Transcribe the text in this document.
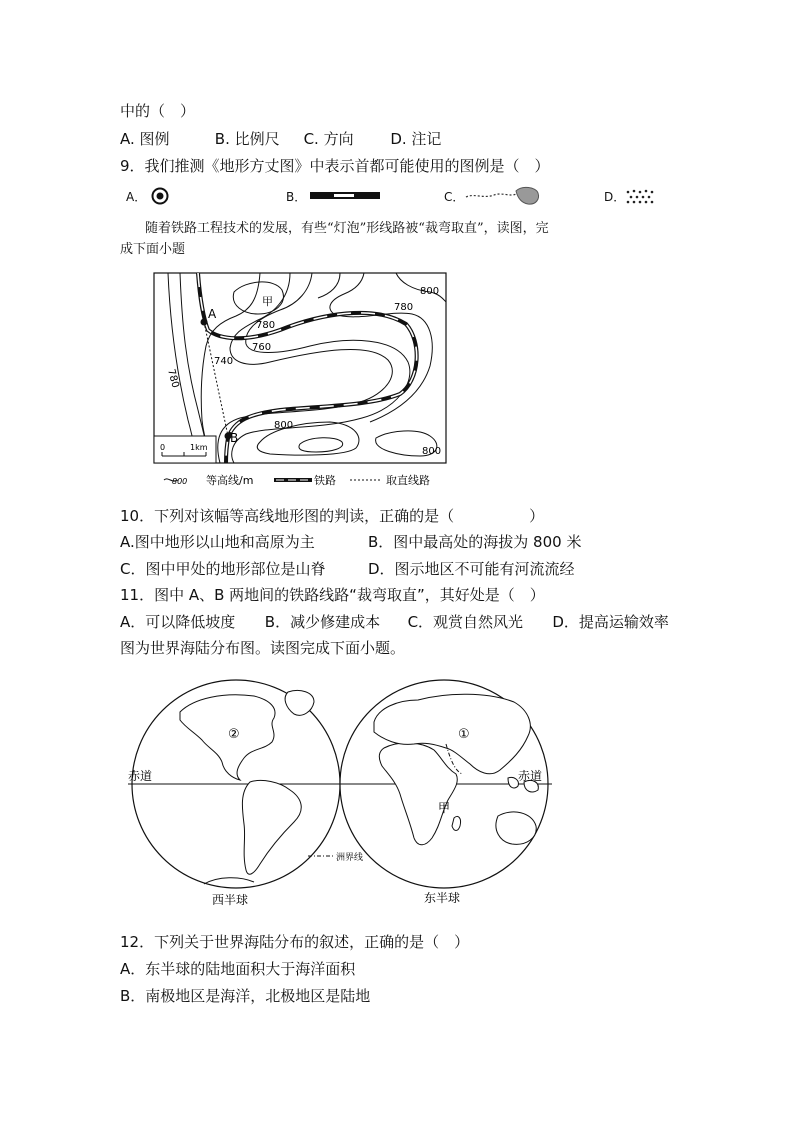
中的（　）
A. 图例	B. 比例尺 C. 方向 D. 注记
9．我们推测《地形方丈图》中表示首都可能使用的图例是（　）
A．	B．	C．	D．
随着铁路工程技术的发展，有些“灯泡”形线路被“裁弯取直”，读图，完
成下面小题
甲
A
B
800
780
780
760
740
780
800
800
0	1km
800 等高线/m	铁路	取直线路
10．下列对该幅等高线地形图的判读，正确的是（　　　　　）
A.图中地形以山地和高原为主	B．图中最高处的海拔为 800 米
C．图中甲处的地形部位是山脊	D．图示地区不可能有河流流经
11．图中 A、B 两地间的铁路线路“裁弯取直”，其好处是（　）
A．可以降低坡度 B．减少修建成本 C．观赏自然风光 D．提高运输效率
图为世界海陆分布图。读图完成下面小题。
赤道	赤道
②	①
甲
洲界线
西半球	东半球
12．下列关于世界海陆分布的叙述，正确的是（　）
A．东半球的陆地面积大于海洋面积
B．南极地区是海洋，北极地区是陆地
